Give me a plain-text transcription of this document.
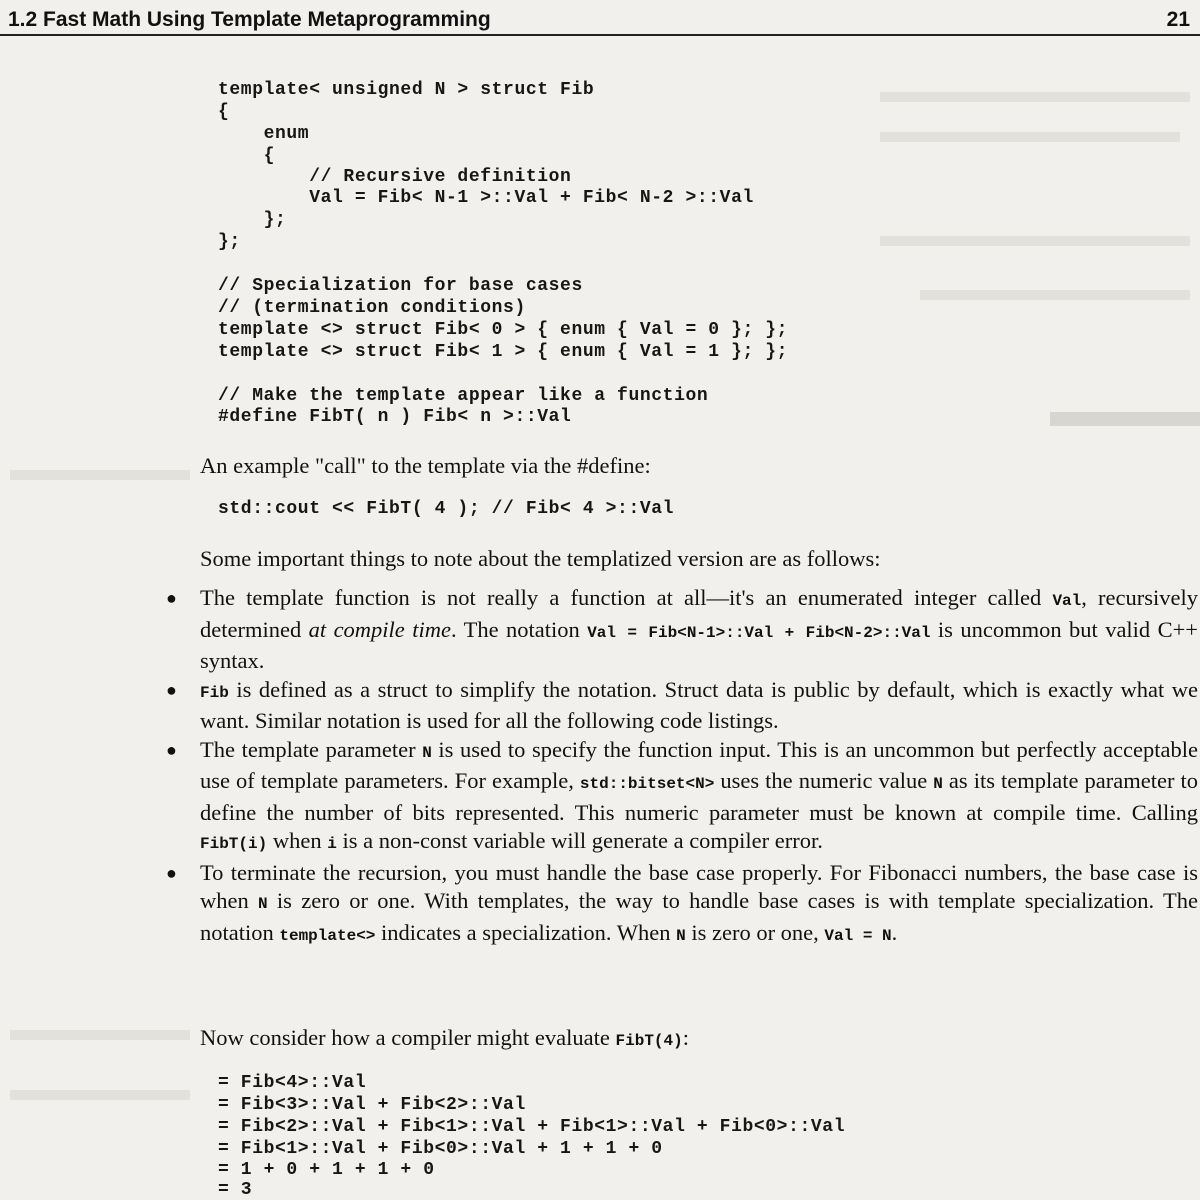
1.2 Fast Math Using Template Metaprogramming	21
template< unsigned N > struct Fib
{
enum
{
// Recursive definition
Val = Fib< N-1 >::Val + Fib< N-2 >::Val
};
};
// Specialization for base cases
// (termination conditions)
template <> struct Fib< 0 > { enum { Val = 0 }; };
template <> struct Fib< 1 > { enum { Val = 1 }; };
// Make the template appear like a function
#define FibT( n ) Fib< n >::Val

An example "call" to the template via the #define:

std::cout << FibT( 4 ); // Fib< 4 >::Val

Some important things to note about the templatized version are as follows:

● The template function is not really a function at all—it's an enumerated integer called Val, recursively determined at compile time. The notation Val = Fib<N-1>::Val + Fib<N-2>::Val is uncommon but valid C++ syntax.
● Fib is defined as a struct to simplify the notation. Struct data is public by default, which is exactly what we want. Similar notation is used for all the following code listings.
● The template parameter N is used to specify the function input. This is an uncommon but perfectly acceptable use of template parameters. For example, std::bitset<N> uses the numeric value N as its template parameter to define the number of bits represented. This numeric parameter must be known at compile time. Calling FibT(i) when i is a non-const variable will generate a compiler error.
● To terminate the recursion, you must handle the base case properly. For Fibonacci numbers, the base case is when N is zero or one. With templates, the way to handle base cases is with template specialization. The notation template<> indicates a specialization. When N is zero or one, Val = N.

Now consider how a compiler might evaluate FibT(4):

= Fib<4>::Val
= Fib<3>::Val + Fib<2>::Val
= Fib<2>::Val + Fib<1>::Val + Fib<1>::Val + Fib<0>::Val
= Fib<1>::Val + Fib<0>::Val + 1 + 1 + 0
= 1 + 0 + 1 + 1 + 0
= 3
